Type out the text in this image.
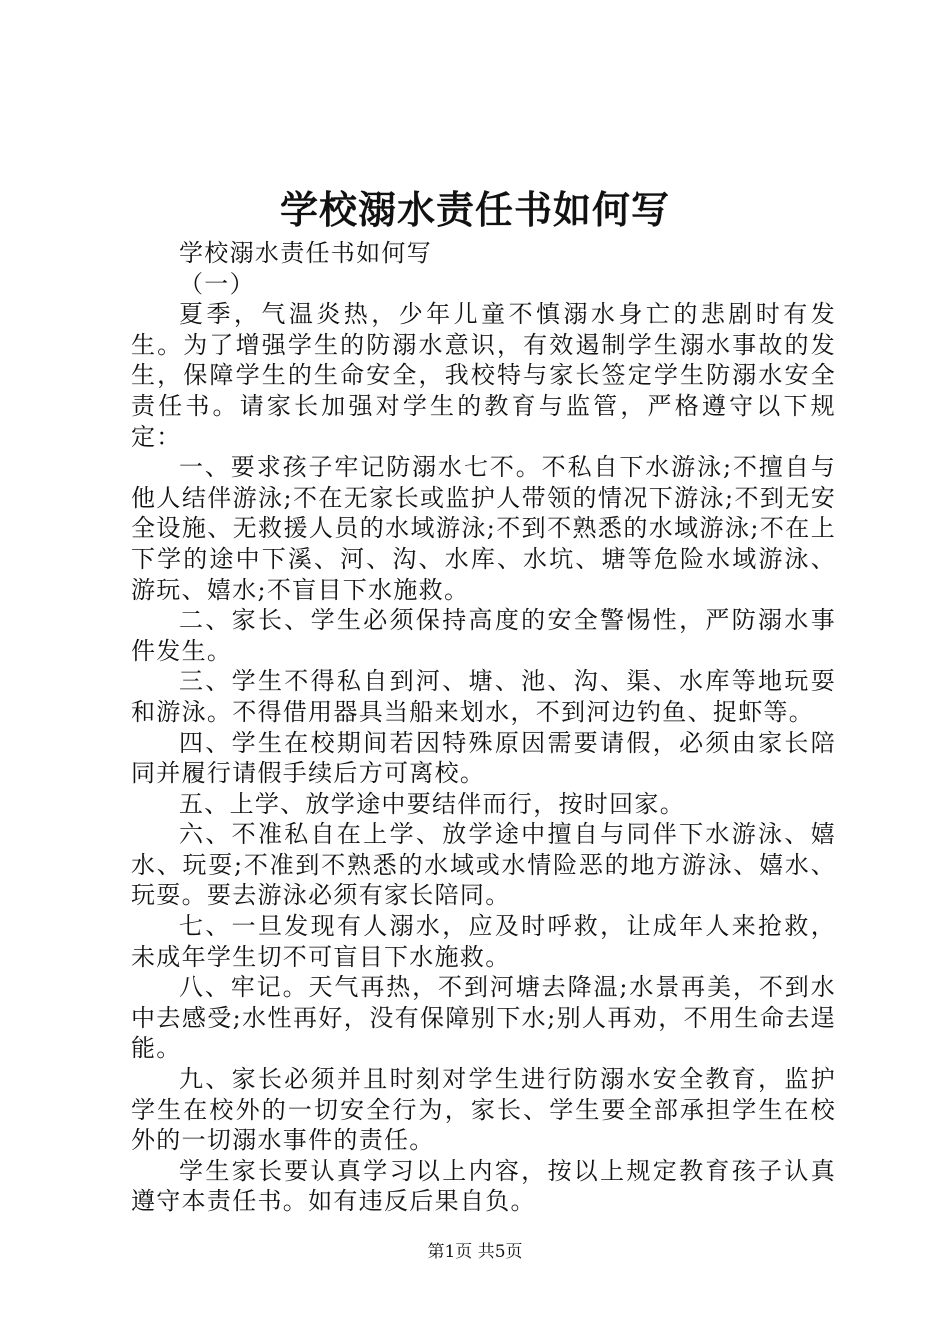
学校溺水责任书如何写

学校溺水责任书如何写

（一）

夏季，气温炎热，少年儿童不慎溺水身亡的悲剧时有发生。为了增强学生的防溺水意识，有效遏制学生溺水事故的发生，保障学生的生命安全，我校特与家长签定学生防溺水安全责任书。请家长加强对学生的教育与监管，严格遵守以下规定：

一、要求孩子牢记防溺水七不。不私自下水游泳;不擅自与他人结伴游泳;不在无家长或监护人带领的情况下游泳;不到无安全设施、无救援人员的水域游泳;不到不熟悉的水域游泳;不在上下学的途中下溪、河、沟、水库、水坑、塘等危险水域游泳、游玩、嬉水;不盲目下水施救。

二、家长、学生必须保持高度的安全警惕性，严防溺水事件发生。

三、学生不得私自到河、塘、池、沟、渠、水库等地玩耍和游泳。不得借用器具当船来划水，不到河边钓鱼、捉虾等。

四、学生在校期间若因特殊原因需要请假，必须由家长陪同并履行请假手续后方可离校。

五、上学、放学途中要结伴而行，按时回家。

六、不准私自在上学、放学途中擅自与同伴下水游泳、嬉水、玩耍;不准到不熟悉的水域或水情险恶的地方游泳、嬉水、玩耍。要去游泳必须有家长陪同。

七、一旦发现有人溺水，应及时呼救，让成年人来抢救，未成年学生切不可盲目下水施救。

八、牢记。天气再热，不到河塘去降温;水景再美，不到水中去感受;水性再好，没有保障别下水;别人再劝，不用生命去逞能。

九、家长必须并且时刻对学生进行防溺水安全教育，监护学生在校外的一切安全行为，家长、学生要全部承担学生在校外的一切溺水事件的责任。

学生家长要认真学习以上内容，按以上规定教育孩子认真遵守本责任书。如有违反后果自负。

第1页 共5页
